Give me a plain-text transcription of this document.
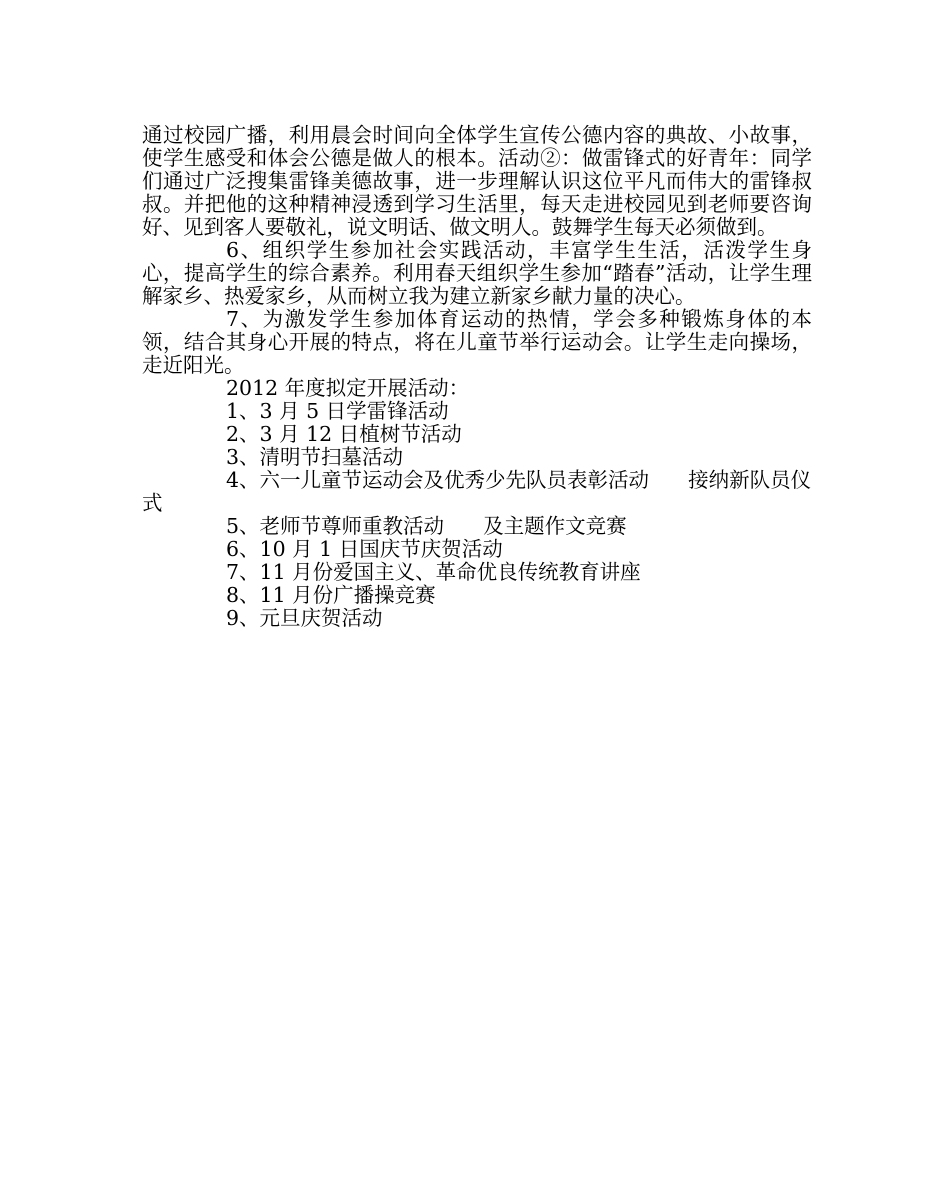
通过校园广播，利用晨会时间向全体学生宣传公德内容的典故、小故事，使学生感受和体会公德是做人的根本。活动②：做雷锋式的好青年：同学们通过广泛搜集雷锋美德故事，进一步理解认识这位平凡而伟大的雷锋叔叔。并把他的这种精神浸透到学习生活里，每天走进校园见到老师要咨询好、见到客人要敬礼，说文明话、做文明人。鼓舞学生每天必须做到。

6、组织学生参加社会实践活动，丰富学生生活，活泼学生身心，提高学生的综合素养。利用春天组织学生参加“踏春”活动，让学生理解家乡、热爱家乡，从而树立我为建立新家乡献力量的决心。

7、为激发学生参加体育运动的热情，学会多种锻炼身体的本领，结合其身心开展的特点，将在儿童节举行运动会。让学生走向操场，走近阳光。

2012 年度拟定开展活动：

1、3 月 5 日学雷锋活动

2、3 月 12 日植树节活动

3、清明节扫墓活动

4、六一儿童节运动会及优秀少先队员表彰活动      接纳新队员仪式

5、老师节尊师重教活动      及主题作文竞赛

6、10 月 1 日国庆节庆贺活动

7、11 月份爱国主义、革命优良传统教育讲座

8、11 月份广播操竞赛

9、元旦庆贺活动
